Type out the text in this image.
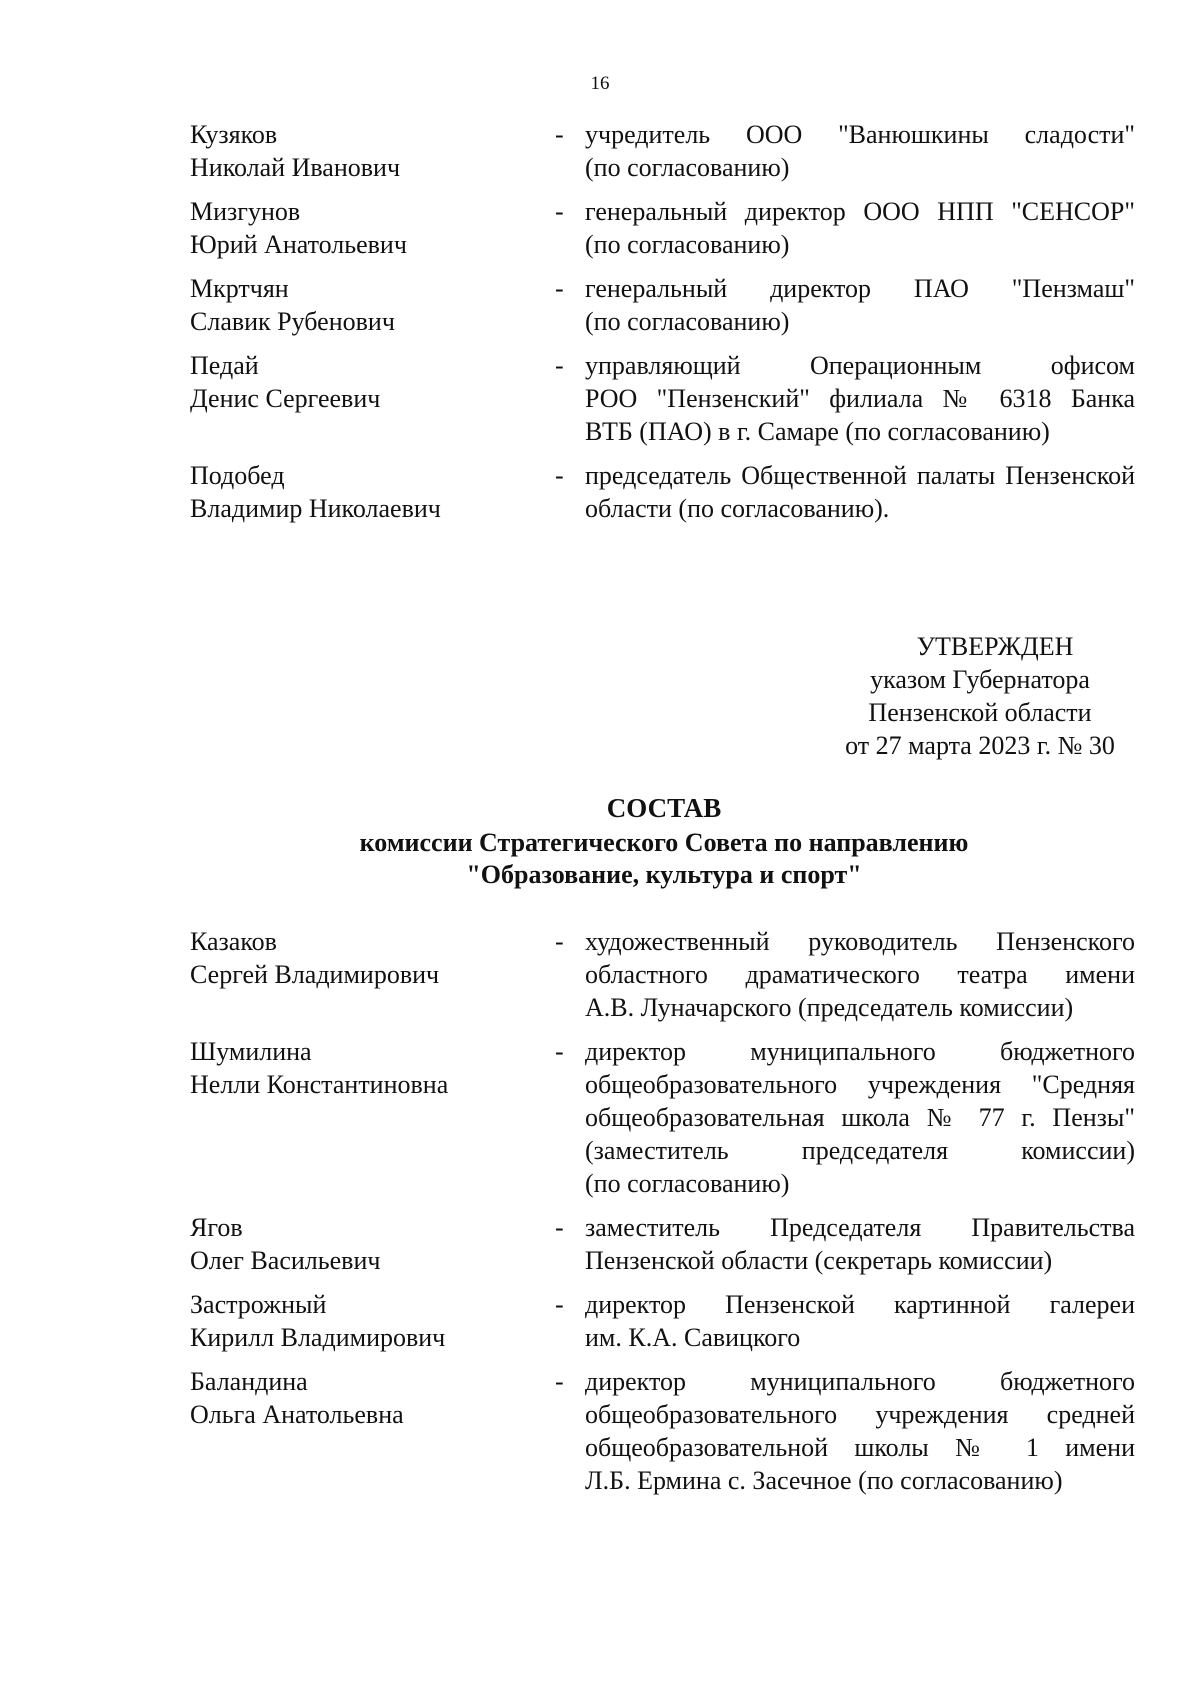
16
Кузяков
Николай Иванович
- учредитель ООО "Ванюшкины сладости"
(по согласованию)
Мизгунов
Юрий Анатольевич
- генеральный директор ООО НПП "СЕНСОР"
(по согласованию)
Мкртчян
Славик Рубенович
- генеральный директор ПАО "Пензмаш"
(по согласованию)
Педай
Денис Сергеевич
- управляющий Операционным офисом
РОО "Пензенский" филиала № 6318 Банка
ВТБ (ПАО) в г. Самаре (по согласованию)
Подобед
Владимир Николаевич
- председатель Общественной палаты Пензенской
области (по согласованию).
УТВЕРЖДЕН
указом Губернатора
Пензенской области
от 27 марта 2023 г. № 30
СОСТАВ
комиссии Стратегического Совета по направлению
"Образование, культура и спорт"
Казаков
Сергей Владимирович
- художественный руководитель Пензенского
областного драматического театра имени
А.В. Луначарского (председатель комиссии)
Шумилина
Нелли Константиновна
- директор муниципального бюджетного
общеобразовательного учреждения "Средняя
общеобразовательная школа № 77 г. Пензы"
(заместитель председателя комиссии)
(по согласованию)
Ягов
Олег Васильевич
- заместитель Председателя Правительства
Пензенской области (секретарь комиссии)
Застрожный
Кирилл Владимирович
- директор Пензенской картинной галереи
им. К.А. Савицкого
Баландина
Ольга Анатольевна
- директор муниципального бюджетного
общеобразовательного учреждения средней
общеобразовательной школы № 1 имени
Л.Б. Ермина с. Засечное (по согласованию)
